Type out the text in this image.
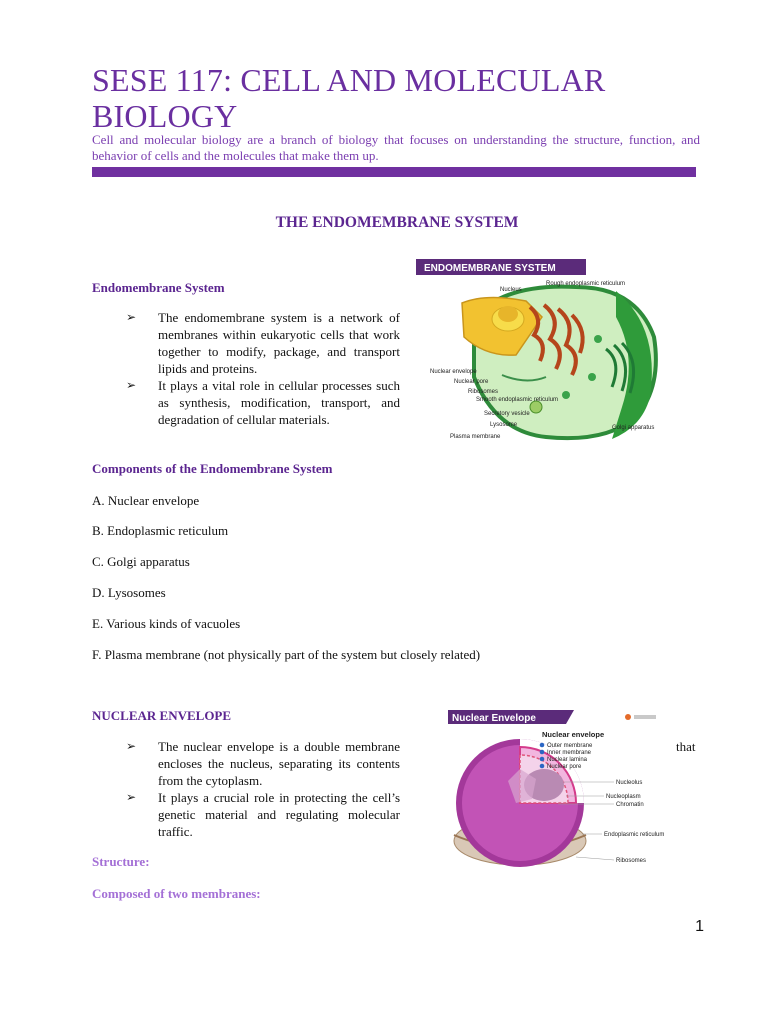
SESE 117: CELL AND MOLECULAR BIOLOGY

Cell and molecular biology are a branch of biology that focuses on understanding the structure, function, and behavior of cells and the molecules that make them up.

THE ENDOMEMBRANE SYSTEM
Endomembrane System
➢ The endomembrane system is a network of membranes within eukaryotic cells that work together to modify, package, and transport lipids and proteins.
➢ It plays a vital role in cellular processes such as synthesis, modification, transport, and degradation of cellular materials.
ENDOMEMBRANE SYSTEM
Nucleus
Rough endoplasmic reticulum
Nuclear envelope
Nuclear pore
Ribosomes
Smooth endoplasmic reticulum
Secretory vesicle
Lysosome
Plasma membrane
Golgi apparatus
Components of the Endomembrane System
A. Nuclear envelope
B. Endoplasmic reticulum
C. Golgi apparatus
D. Lysosomes
E. Various kinds of vacuoles
F. Plasma membrane (not physically part of the system but closely related)
NUCLEAR ENVELOPE
➢ The nuclear envelope is a double membrane encloses the nucleus, separating its contents from the cytoplasm.
➢ It plays a crucial role in protecting the cell’s genetic material and regulating molecular traffic.
that
Structure:
Composed of two membranes:
Nuclear Envelope
Nuclear envelope
Outer membrane
Inner membrane
Nuclear lamina
Nuclear pore
Nucleolus
Nucleoplasm
Chromatin
Endoplasmic reticulum
Ribosomes
1
